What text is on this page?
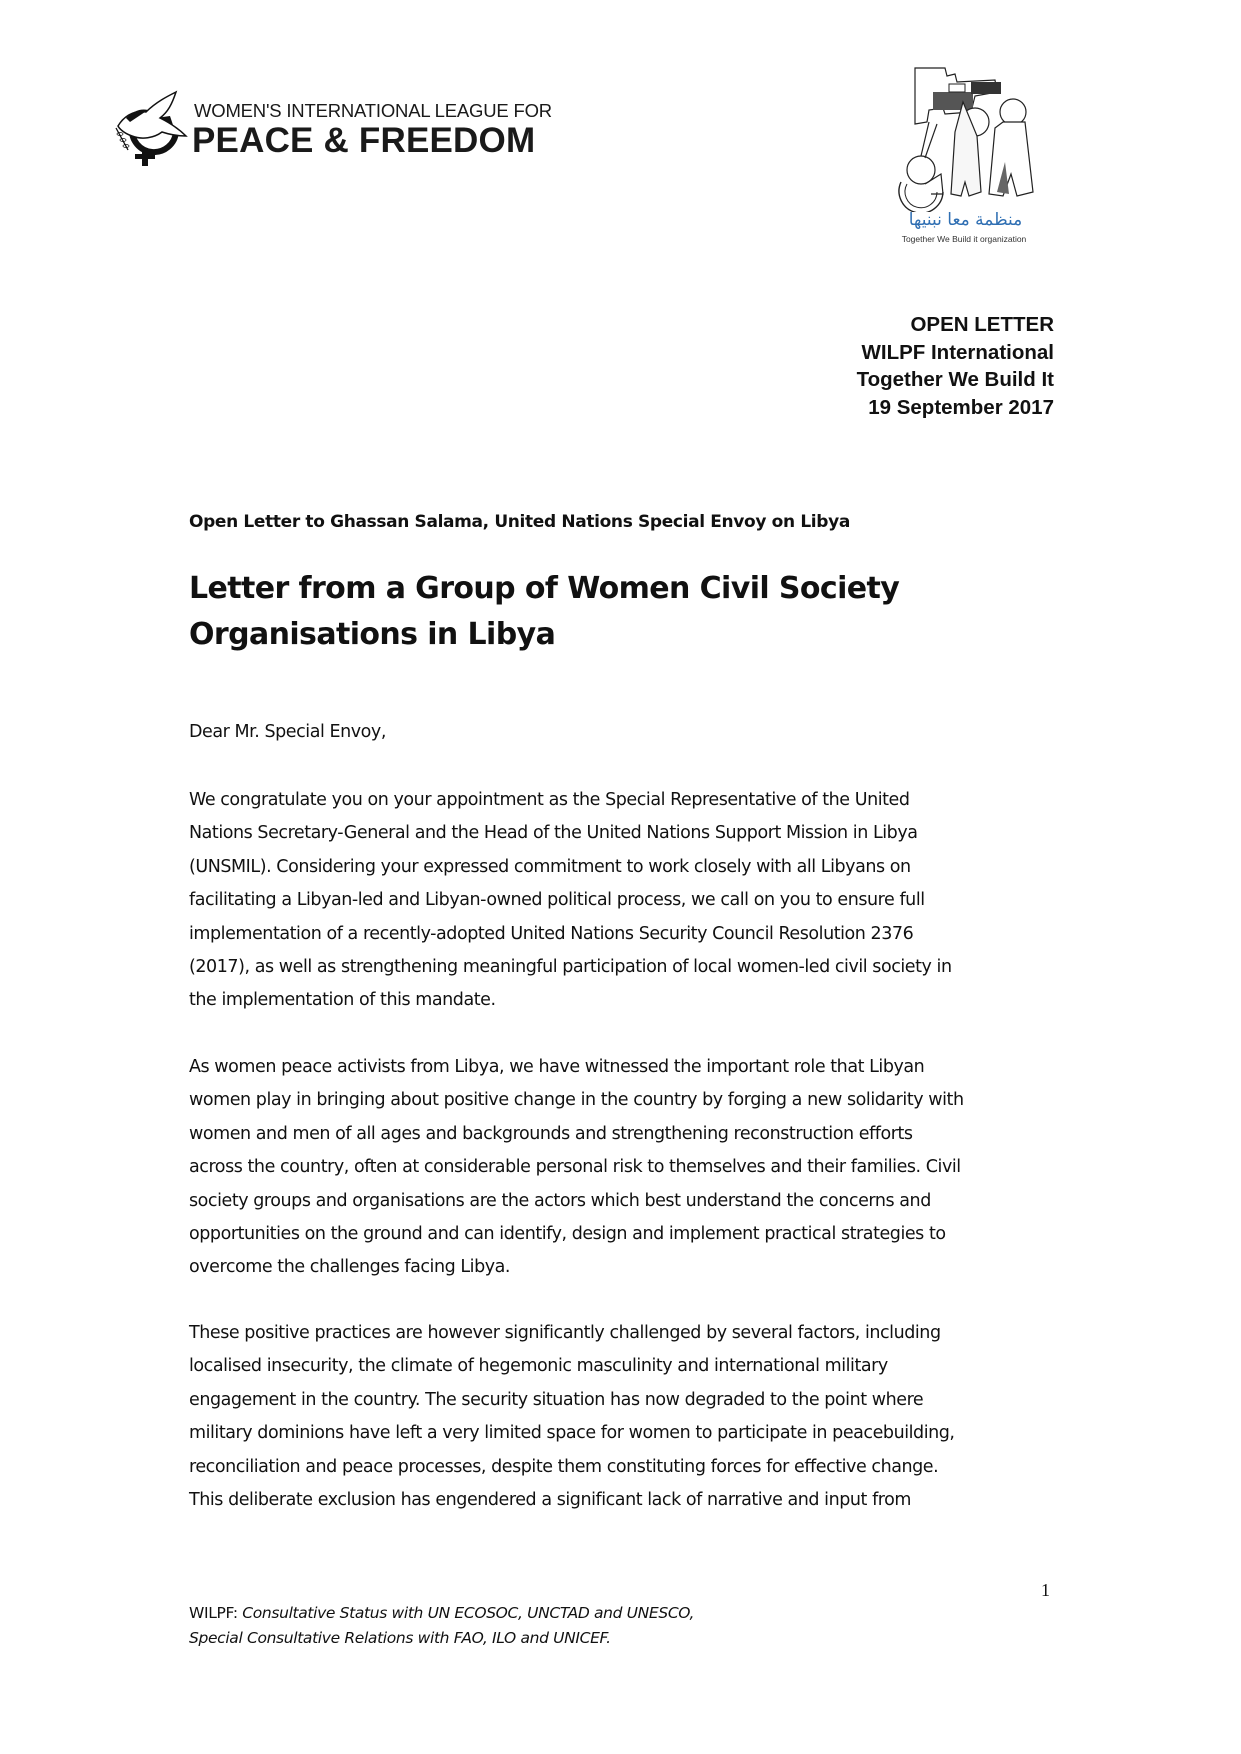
WOMEN'S INTERNATIONAL LEAGUE FOR
PEACE & FREEDOM
منظمة معا نبنيها
Together We Build it organization
OPEN LETTER
WILPF International
Together We Build It
19 September 2017
Open Letter to Ghassan Salama, United Nations Special Envoy on Libya
Letter from a Group of Women Civil Society
Organisations in Libya
Dear Mr. Special Envoy,
We congratulate you on your appointment as the Special Representative of the United
Nations Secretary-General and the Head of the United Nations Support Mission in Libya
(UNSMIL). Considering your expressed commitment to work closely with all Libyans on
facilitating a Libyan-led and Libyan-owned political process, we call on you to ensure full
implementation of a recently-adopted United Nations Security Council Resolution 2376
(2017), as well as strengthening meaningful participation of local women-led civil society in
the implementation of this mandate.
As women peace activists from Libya, we have witnessed the important role that Libyan
women play in bringing about positive change in the country by forging a new solidarity with
women and men of all ages and backgrounds and strengthening reconstruction efforts
across the country, often at considerable personal risk to themselves and their families. Civil
society groups and organisations are the actors which best understand the concerns and
opportunities on the ground and can identify, design and implement practical strategies to
overcome the challenges facing Libya.
These positive practices are however significantly challenged by several factors, including
localised insecurity, the climate of hegemonic masculinity and international military
engagement in the country. The security situation has now degraded to the point where
military dominions have left a very limited space for women to participate in peacebuilding,
reconciliation and peace processes, despite them constituting forces for effective change.
This deliberate exclusion has engendered a significant lack of narrative and input from
1
WILPF: Consultative Status with UN ECOSOC, UNCTAD and UNESCO,
Special Consultative Relations with FAO, ILO and UNICEF.
